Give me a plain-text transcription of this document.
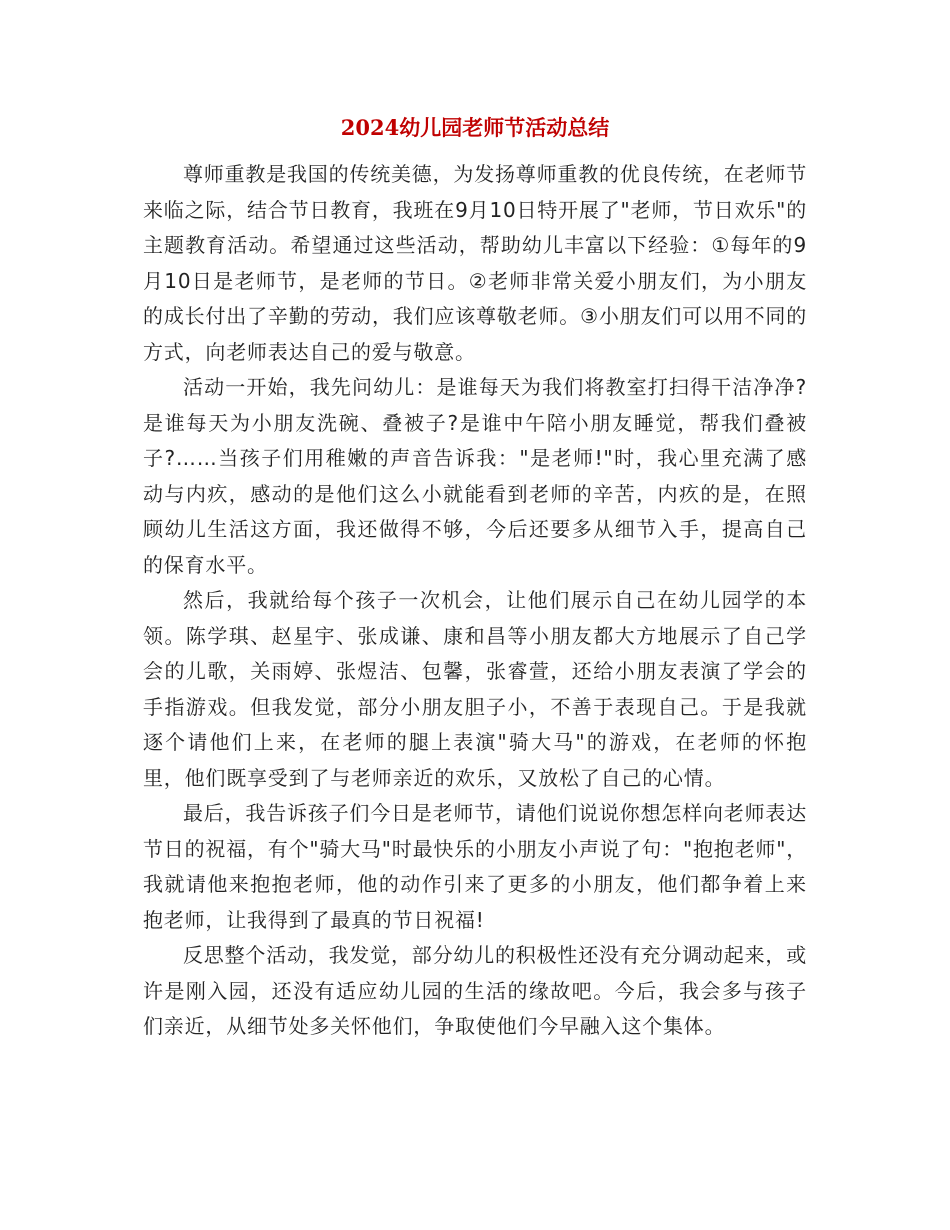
2024幼儿园老师节活动总结

尊师重教是我国的传统美德，为发扬尊师重教的优良传统，在老师节来临之际，结合节日教育，我班在9月10日特开展了"老师，节日欢乐"的主题教育活动。希望通过这些活动，帮助幼儿丰富以下经验：①每年的9月10日是老师节，是老师的节日。②老师非常关爱小朋友们，为小朋友的成长付出了辛勤的劳动，我们应该尊敬老师。③小朋友们可以用不同的方式，向老师表达自己的爱与敬意。

活动一开始，我先问幼儿：是谁每天为我们将教室打扫得干洁净净?是谁每天为小朋友洗碗、叠被子?是谁中午陪小朋友睡觉，帮我们叠被子?……当孩子们用稚嫩的声音告诉我："是老师!"时，我心里充满了感动与内疚，感动的是他们这么小就能看到老师的辛苦，内疚的是，在照顾幼儿生活这方面，我还做得不够，今后还要多从细节入手，提高自己的保育水平。

然后，我就给每个孩子一次机会，让他们展示自己在幼儿园学的本领。陈学琪、赵星宇、张成谦、康和昌等小朋友都大方地展示了自己学会的儿歌，关雨婷、张煜洁、包馨，张睿萱，还给小朋友表演了学会的手指游戏。但我发觉，部分小朋友胆子小，不善于表现自己。于是我就逐个请他们上来，在老师的腿上表演"骑大马"的游戏，在老师的怀抱里，他们既享受到了与老师亲近的欢乐，又放松了自己的心情。

最后，我告诉孩子们今日是老师节，请他们说说你想怎样向老师表达节日的祝福，有个"骑大马"时最快乐的小朋友小声说了句："抱抱老师"，我就请他来抱抱老师，他的动作引来了更多的小朋友，他们都争着上来抱老师，让我得到了最真的节日祝福!

反思整个活动，我发觉，部分幼儿的积极性还没有充分调动起来，或许是刚入园，还没有适应幼儿园的生活的缘故吧。今后，我会多与孩子们亲近，从细节处多关怀他们，争取使他们今早融入这个集体。
